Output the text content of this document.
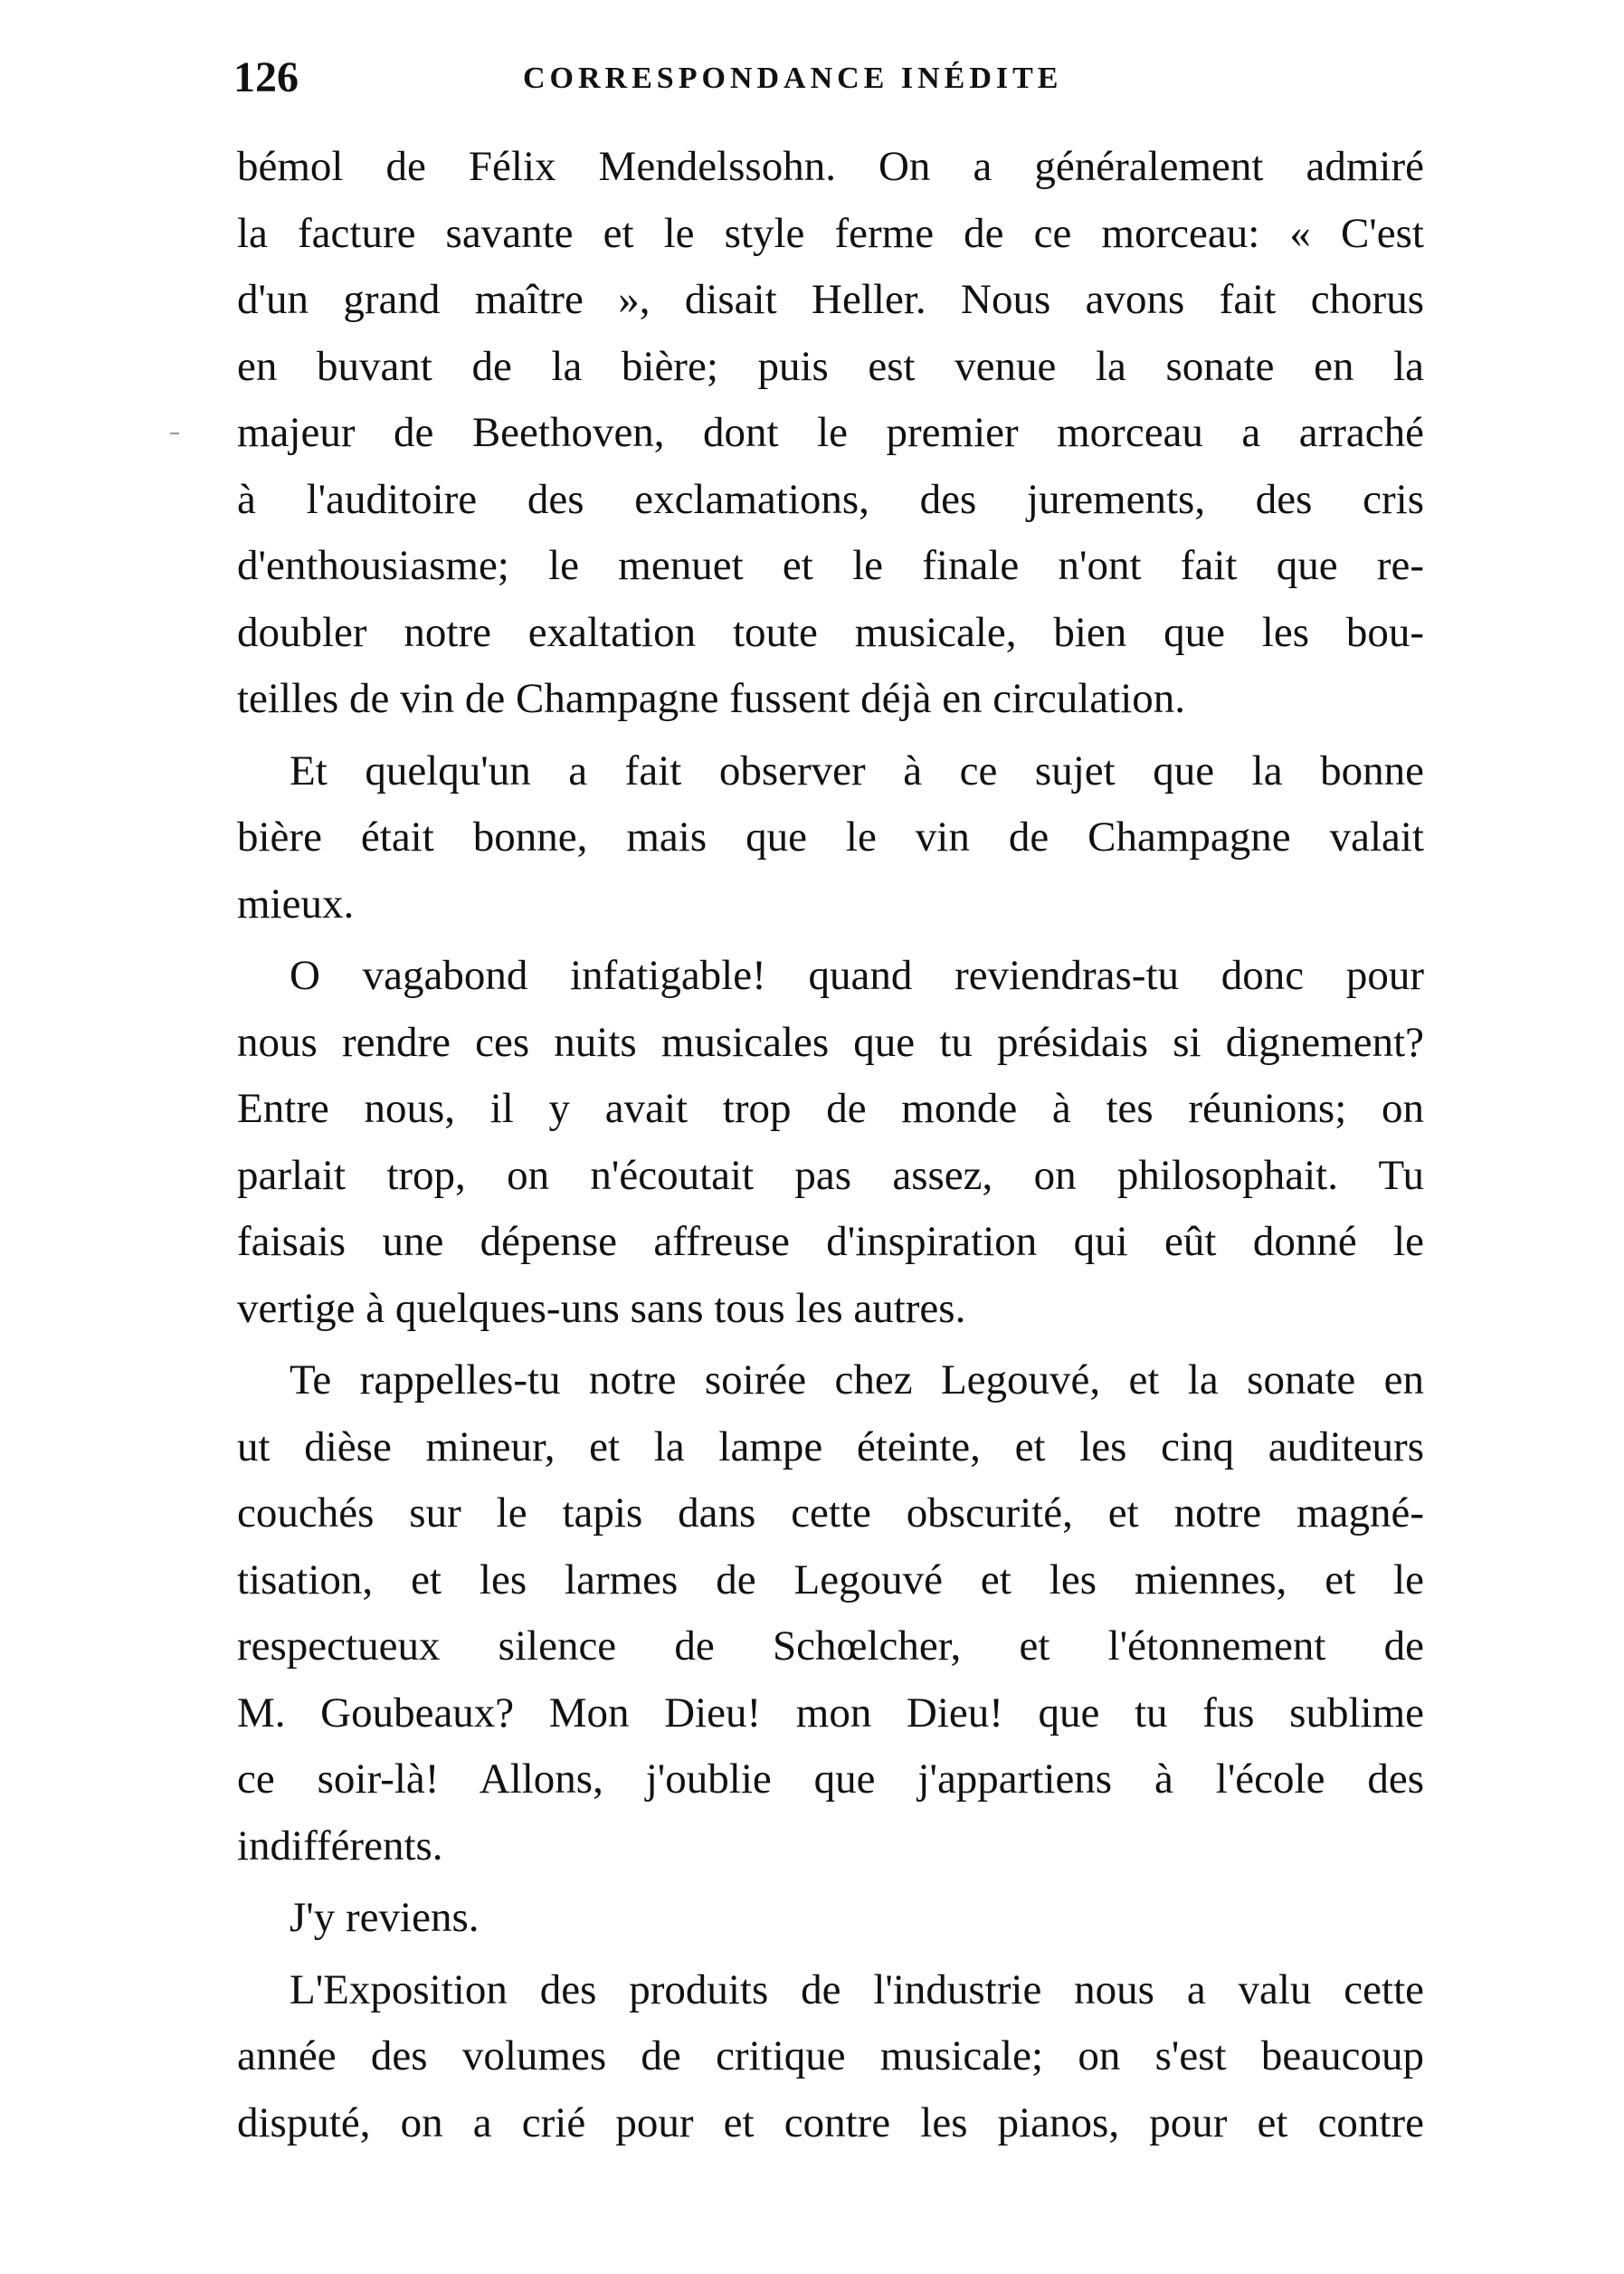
126	CORRESPONDANCE INÉDITE
bémol de Félix Mendelssohn. On a généralement admiré
la facture savante et le style ferme de ce morceau: « C'est
d'un grand maître », disait Heller. Nous avons fait chorus
en buvant de la bière; puis est venue la sonate en la
majeur de Beethoven, dont le premier morceau a arraché
à l'auditoire des exclamations, des jurements, des cris
d'enthousiasme; le menuet et le finale n'ont fait que re-
doubler notre exaltation toute musicale, bien que les bou-
teilles de vin de Champagne fussent déjà en circulation.
Et quelqu'un a fait observer à ce sujet que la bonne
bière était bonne, mais que le vin de Champagne valait
mieux.
O vagabond infatigable! quand reviendras-tu donc pour
nous rendre ces nuits musicales que tu présidais si dignement?
Entre nous, il y avait trop de monde à tes réunions; on
parlait trop, on n'écoutait pas assez, on philosophait. Tu
faisais une dépense affreuse d'inspiration qui eût donné le
vertige à quelques-uns sans tous les autres.
Te rappelles-tu notre soirée chez Legouvé, et la sonate en
ut dièse mineur, et la lampe éteinte, et les cinq auditeurs
couchés sur le tapis dans cette obscurité, et notre magné-
tisation, et les larmes de Legouvé et les miennes, et le
respectueux silence de Schœlcher, et l'étonnement de
M. Goubeaux? Mon Dieu! mon Dieu! que tu fus sublime
ce soir-là! Allons, j'oublie que j'appartiens à l'école des
indifférents.
J'y reviens.
L'Exposition des produits de l'industrie nous a valu cette
année des volumes de critique musicale; on s'est beaucoup
disputé, on a crié pour et contre les pianos, pour et contre
